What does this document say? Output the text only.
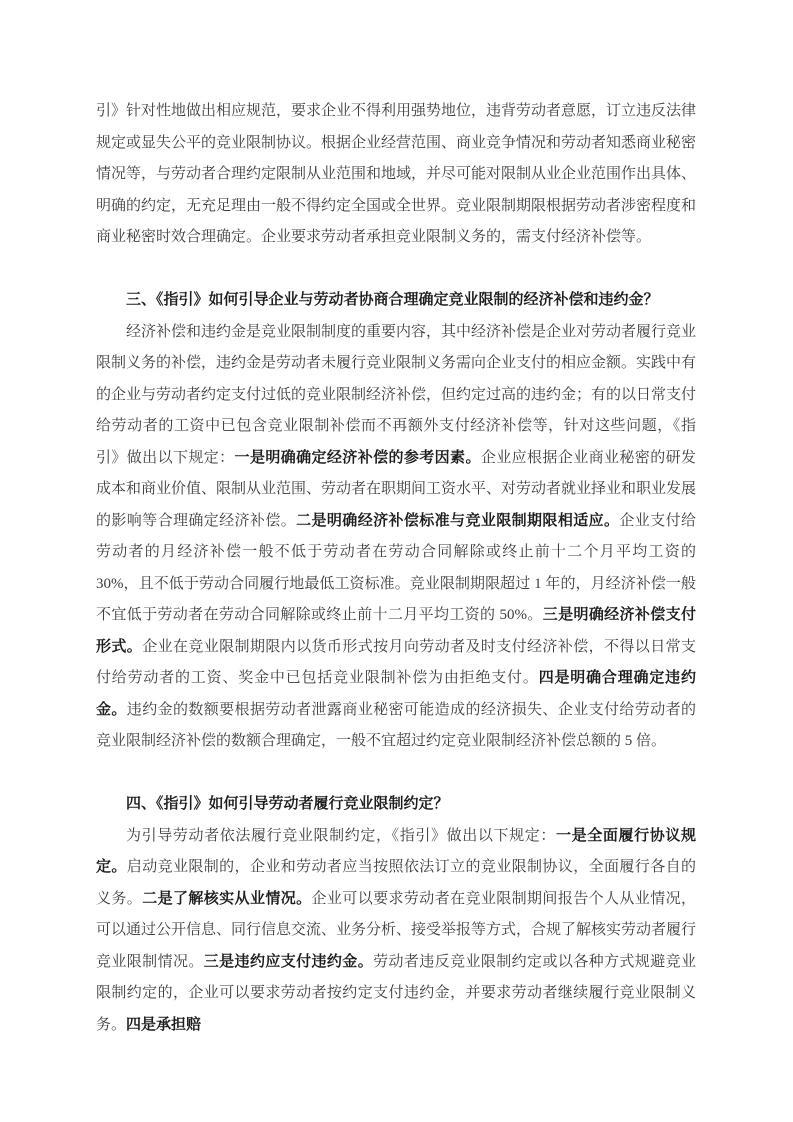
引》针对性地做出相应规范，要求企业不得利用强势地位，违背劳动者意愿，订立违反法律规定或显失公平的竞业限制协议。根据企业经营范围、商业竞争情况和劳动者知悉商业秘密情况等，与劳动者合理约定限制从业范围和地域，并尽可能对限制从业企业范围作出具体、明确的约定，无充足理由一般不得约定全国或全世界。竞业限制期限根据劳动者涉密程度和商业秘密时效合理确定。企业要求劳动者承担竞业限制义务的，需支付经济补偿等。

三、《指引》如何引导企业与劳动者协商合理确定竞业限制的经济补偿和违约金？

经济补偿和违约金是竞业限制制度的重要内容，其中经济补偿是企业对劳动者履行竞业限制义务的补偿，违约金是劳动者未履行竞业限制义务需向企业支付的相应金额。实践中有的企业与劳动者约定支付过低的竞业限制经济补偿，但约定过高的违约金；有的以日常支付给劳动者的工资中已包含竞业限制补偿而不再额外支付经济补偿等，针对这些问题，《指引》做出以下规定：一是明确确定经济补偿的参考因素。企业应根据企业商业秘密的研发成本和商业价值、限制从业范围、劳动者在职期间工资水平、对劳动者就业择业和职业发展的影响等合理确定经济补偿。二是明确经济补偿标准与竞业限制期限相适应。企业支付给劳动者的月经济补偿一般不低于劳动者在劳动合同解除或终止前十二个月平均工资的 30%，且不低于劳动合同履行地最低工资标准。竞业限制期限超过 1 年的，月经济补偿一般不宜低于劳动者在劳动合同解除或终止前十二月平均工资的 50%。三是明确经济补偿支付形式。企业在竞业限制期限内以货币形式按月向劳动者及时支付经济补偿，不得以日常支付给劳动者的工资、奖金中已包括竞业限制补偿为由拒绝支付。四是明确合理确定违约金。违约金的数额要根据劳动者泄露商业秘密可能造成的经济损失、企业支付给劳动者的竞业限制经济补偿的数额合理确定，一般不宜超过约定竞业限制经济补偿总额的 5 倍。

四、《指引》如何引导劳动者履行竞业限制约定？

为引导劳动者依法履行竞业限制约定，《指引》做出以下规定：一是全面履行协议规定。启动竞业限制的，企业和劳动者应当按照依法订立的竞业限制协议，全面履行各自的义务。二是了解核实从业情况。企业可以要求劳动者在竞业限制期间报告个人从业情况，可以通过公开信息、同行信息交流、业务分析、接受举报等方式，合规了解核实劳动者履行竞业限制情况。三是违约应支付违约金。劳动者违反竞业限制约定或以各种方式规避竞业限制约定的，企业可以要求劳动者按约定支付违约金，并要求劳动者继续履行竞业限制义务。四是承担赔
